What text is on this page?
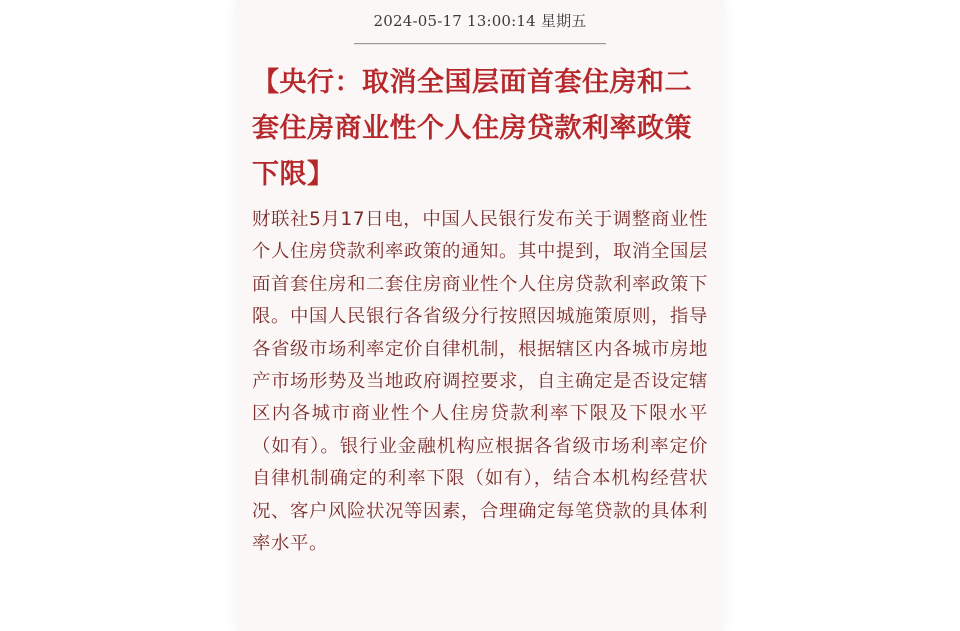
2024-05-17 13:00:14 星期五
【央行：取消全国层面首套住房和二套住房商业性个人住房贷款利率政策下限】

财联社5月17日电，中国人民银行发布关于调整商业性个人住房贷款利率政策的通知。其中提到，取消全国层面首套住房和二套住房商业性个人住房贷款利率政策下限。中国人民银行各省级分行按照因城施策原则，指导各省级市场利率定价自律机制，根据辖区内各城市房地产市场形势及当地政府调控要求，自主确定是否设定辖区内各城市商业性个人住房贷款利率下限及下限水平（如有）。银行业金融机构应根据各省级市场利率定价自律机制确定的利率下限（如有），结合本机构经营状况、客户风险状况等因素，合理确定每笔贷款的具体利率水平。
